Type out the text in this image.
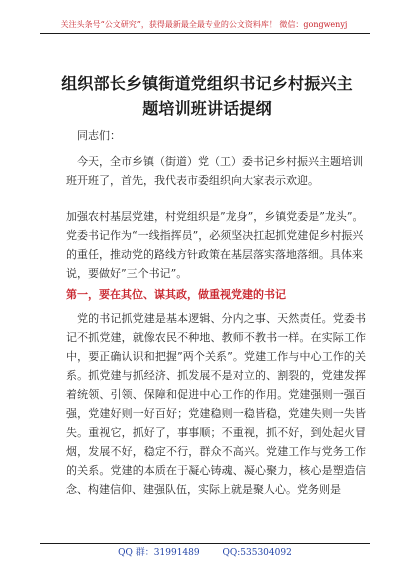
关注头条号“公文研究”，获得最新最全最专业的公文资料库！ 微信：gongwenyj
组织部长乡镇街道党组织书记乡村振兴主题培训班讲话提纲
同志们：
今天，全市乡镇（街道）党（工）委书记乡村振兴主题培训班开班了，首先，我代表市委组织向大家表示欢迎。
加强农村基层党建，村党组织是”龙身”，乡镇党委是”龙头”。党委书记作为“一线指挥员”，必须坚决扛起抓党建促乡村振兴的重任，推动党的路线方针政策在基层落实落地落细。具体来说，要做好”三个书记”。
第一，要在其位、谋其政，做重视党建的书记
党的书记抓党建是基本逻辑、分内之事、天然责任。党委书记不抓党建，就像农民不种地、教师不教书一样。在实际工作中，要正确认识和把握”两个关系”。党建工作与中心工作的关系。抓党建与抓经济、抓发展不是对立的、割裂的，党建发挥着统领、引领、保障和促进中心工作的作用。党建强则一强百强，党建好则一好百好；党建稳则一稳皆稳，党建失则一失皆失。重视它，抓好了，事事顺；不重视，抓不好，到处起火冒烟，发展不好，稳定不行，群众不高兴。党建工作与党务工作的关系。党建的本质在于凝心铸魂、凝心聚力，核心是塑造信念、构建信仰、建强队伍，实际上就是聚人心。党务则是
QQ 群：31991489	QQ:535304092
